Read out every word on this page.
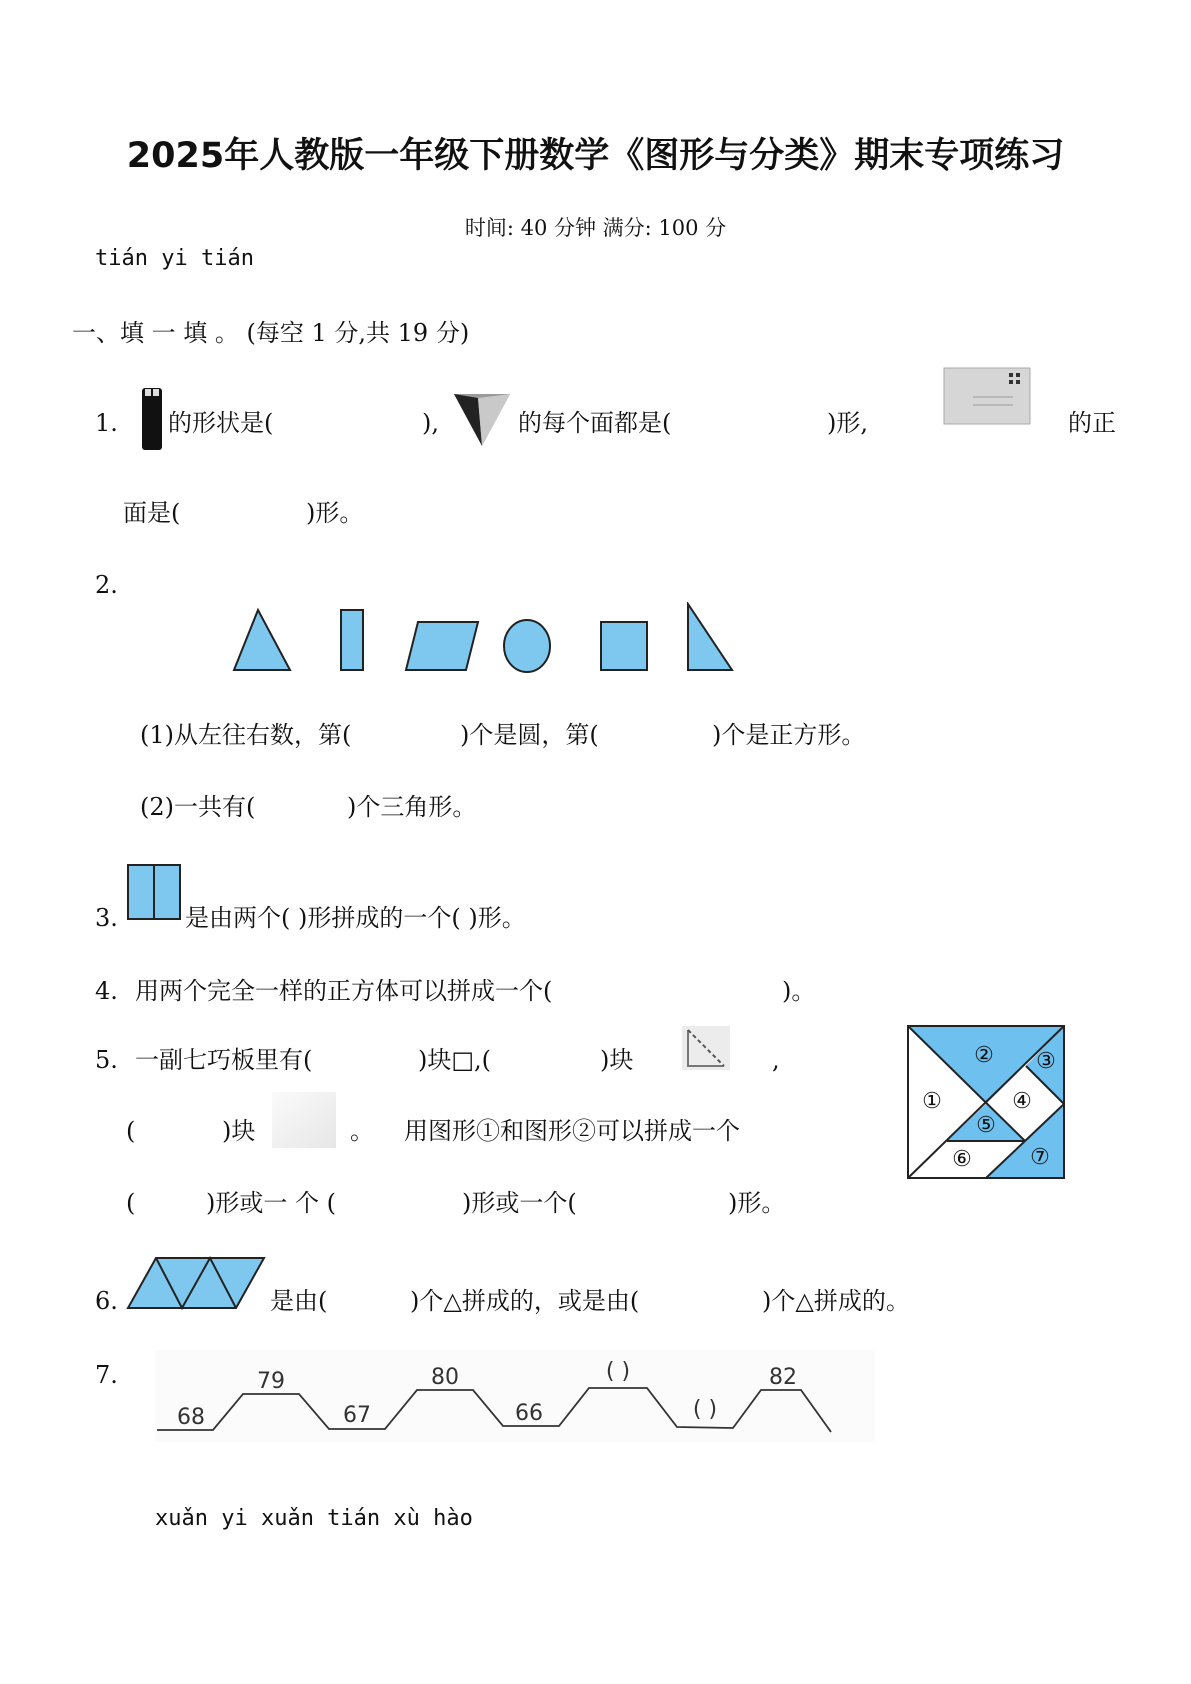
2025年人教版一年级下册数学《图形与分类》期末专项练习
时间: 40 分钟 满分: 100 分
tián yi tián
一、填 一 填 。 (每空 1 分,共 19 分)
1. 的形状是(	),	的每个面都是(	)形,	的正
面是(	)形。
2.
(1)从左往右数，第(	)个是圆，第(	)个是正方形。
(2)一共有(	)个三角形。
3.	是由两个( )形拼成的一个( )形。
4. 用两个完全一样的正方体可以拼成一个(	)。
5. 一副七巧板里有(	)块□,(	)块	,
(	)块	。 用图形①和图形②可以拼成一个
(	)形或一 个 (	)形或一个(	)形。
② ③
①	④
⑤
⑥	⑦
6.	是由(	)个△拼成的，或是由(	)个△拼成的。
7.
68
79
67
80
66
( )
( )
82
xuǎn yi xuǎn tián xù hào
